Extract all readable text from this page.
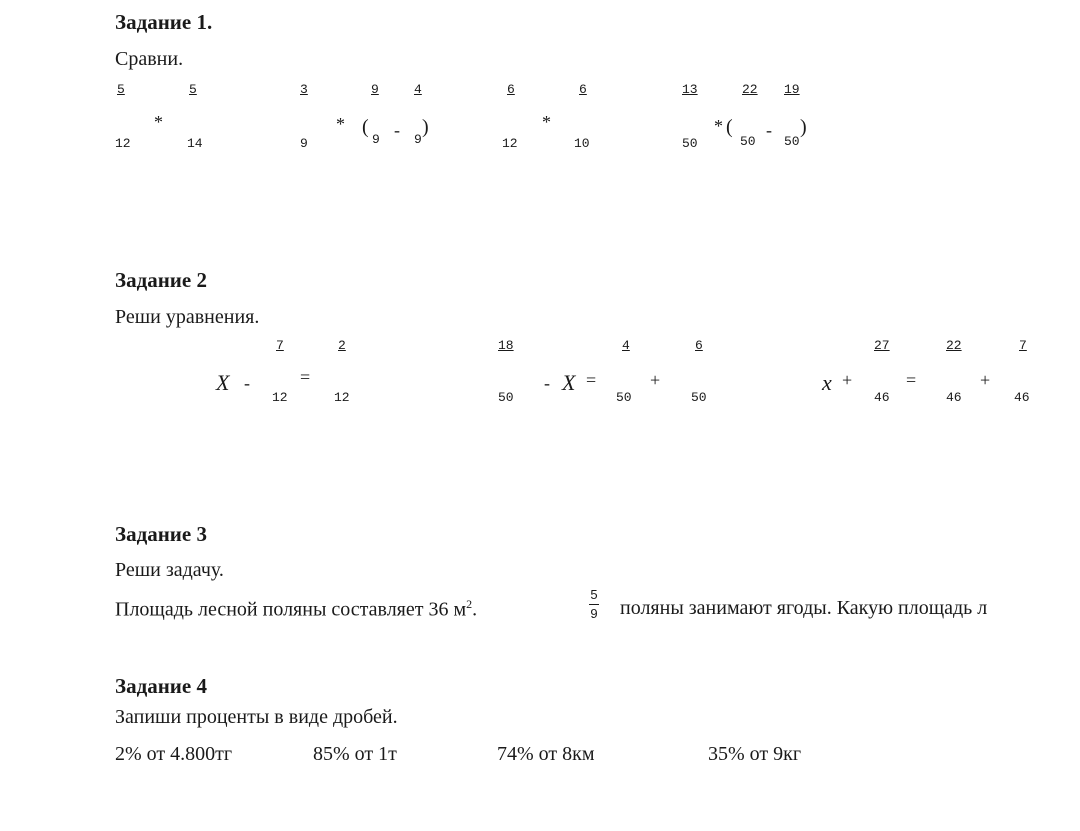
Задание 1.
Сравни.
5
12
*
5
14
3
9
* (
9
9 -
4
9
)
6
12
*
6
10
13
50
* (
22
50
-
19
50
)
Задание 2
Реши уравнения.
X -
7
12
=
2
12
18
50
- X =
4
50
+
6
50
x +
27
46
=
22
46
+
7
46
Задание 3
Реши задачу.
Площадь лесной поляны составляет 36 $м^2$.
5
9 поляны занимают ягоды. Какую площадь л
Задание 4
Запиши проценты в виде дробей.
2% от 4.800тг	85% от 1т	74% от 8км	35% от 9кг
